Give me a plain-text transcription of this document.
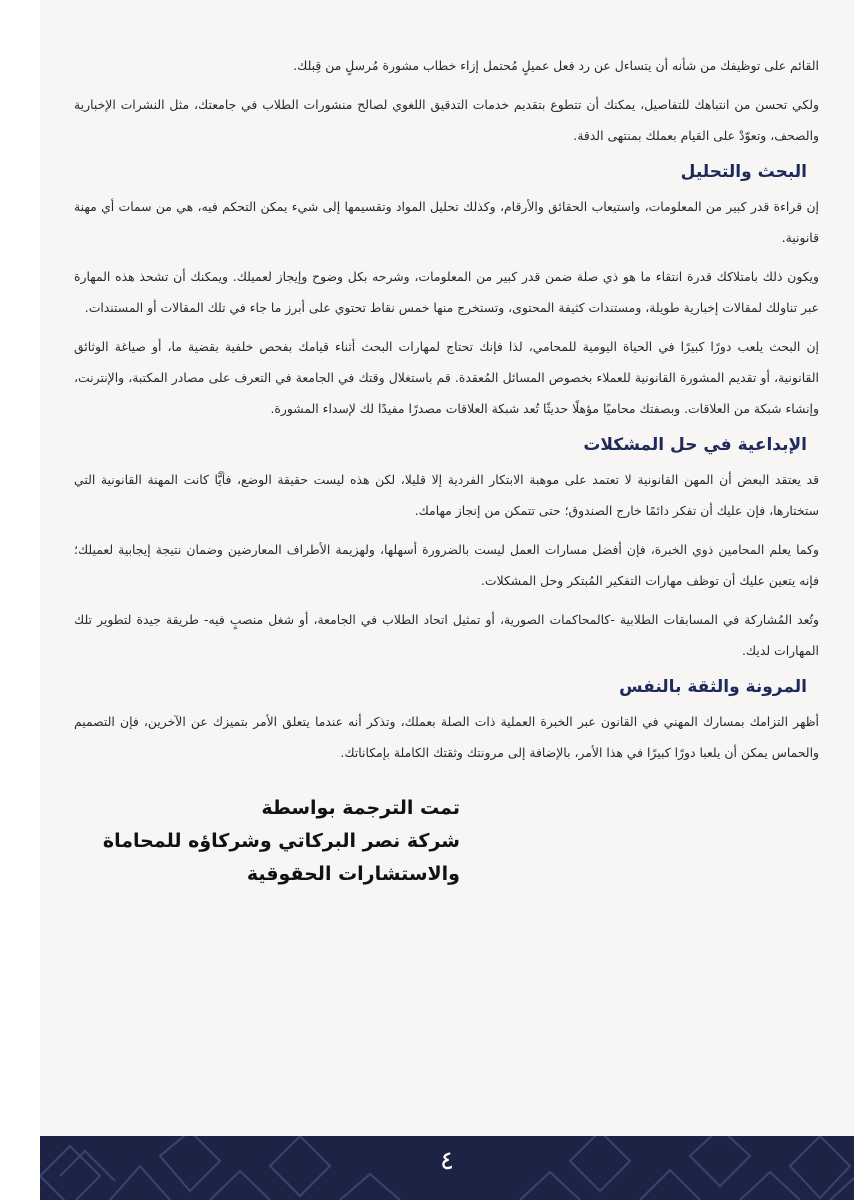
القائم على توظيفك من شأنه أن يتساءل عن رد فعل عميلٍ مُحتمل إزاء خطاب مشورة مُرسلٍ من قِبلك.

ولكي تحسن من انتباهك للتفاصيل، يمكنك أن تتطوع بتقديم خدمات التدقيق اللغوي لصالح منشورات الطلاب في جامعتك، مثل النشرات الإخبارية والصحف، وتعوّدْ على القيام بعملك بمنتهى الدقة.

البحث والتحليل

إن قراءة قدر كبير من المعلومات، واستيعاب الحقائق والأرقام، وكذلك تحليل المواد وتقسيمها إلى شيء يمكن التحكم فيه، هي من سمات أي مهنة قانونية.

ويكون ذلك بامتلاكك قدرة انتقاء ما هو ذي صلة ضمن قدر كبير من المعلومات، وشرحه بكل وضوح وإيجاز لعميلك. ويمكنك أن تشحذ هذه المهارة عبر تناولك لمقالات إخبارية طويلة، ومستندات كثيفة المحتوى، وتستخرج منها خمس نقاط تحتوي على أبرز ما جاء في تلك المقالات أو المستندات.

إن البحث يلعب دورًا كبيرًا في الحياة اليومية للمحامي، لذا فإنك تحتاج لمهارات البحث أثناء قيامك بفحص خلفية بقضية ما، أو صياغة الوثائق القانونية، أو تقديم المشورة القانونية للعملاء بخصوص المسائل المُعقدة. قم باستغلال وقتك في الجامعة في التعرف على مصادر المكتبة، والإنترنت، وإنشاء شبكة من العلاقات. وبصفتك محاميًا مؤهلًا حديثًا تُعد شبكة العلاقات مصدرًا مفيدًا لك لإسداء المشورة.

الإبداعية في حل المشكلات

قد يعتقد البعض أن المهن القانونية لا تعتمد على موهبة الابتكار الفردية إلا قليلا، لكن هذه ليست حقيقة الوضع، فأيًّا كانت المهنة القانونية التي ستختارها، فإن عليك أن تفكر دائمًا خارج الصندوق؛ حتى تتمكن من إنجاز مهامك.

وكما يعلم المحامين ذوي الخبرة، فإن أفضل مسارات العمل ليست بالضرورة أسهلها، ولهزيمة الأطراف المعارضين وضمان نتيجة إيجابية لعميلك؛ فإنه يتعين عليك أن توظف مهارات التفكير المُبتكر وحل المشكلات.

وتُعد المُشاركة في المسابقات الطلابية -كالمحاكمات الصورية، أو تمثيل اتحاد الطلاب في الجامعة، أو شغل منصبٍ فيه- طريقة جيدة لتطوير تلك المهارات لديك.

المرونة والثقة بالنفس

أظهر التزامك بمسارك المهني في القانون عبر الخبرة العملية ذات الصلة بعملك، وتذكر أنه عندما يتعلق الأمر بتميزك عن الآخرين، فإن التصميم والحماس يمكن أن يلعبا دورًا كبيرًا في هذا الأمر، بالإضافة إلى مرونتك وثقتك الكاملة بإمكاناتك.

تمت الترجمة بواسطة
شركة نصر البركاتي وشركاؤه للمحاماة
والاستشارات الحقوقية
٤
